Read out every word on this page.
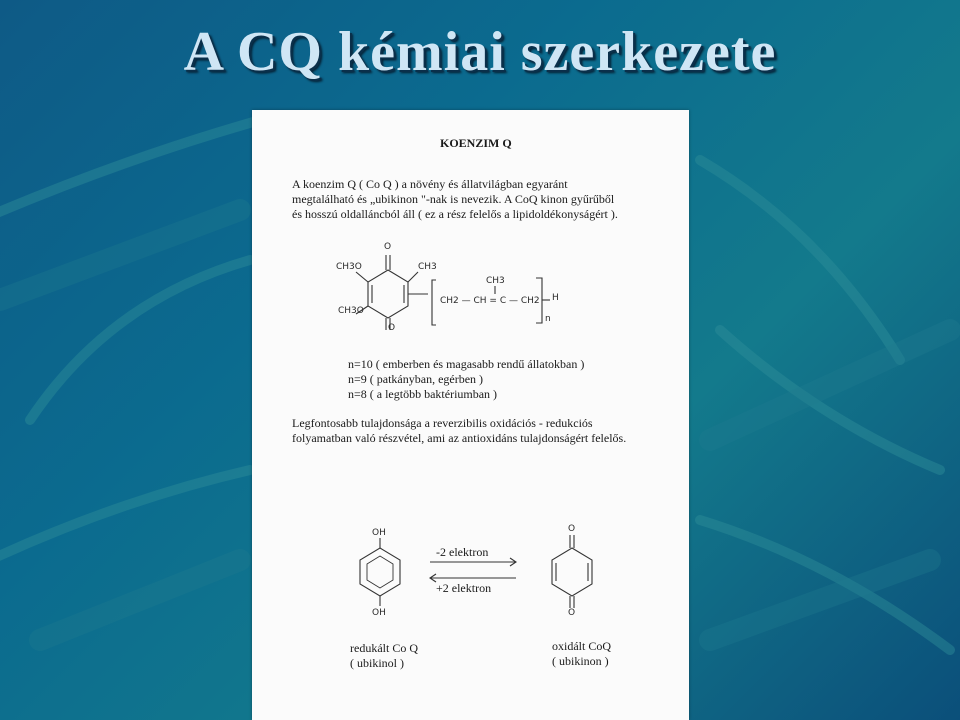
A CQ kémiai szerkezete
KOENZIM Q
A koenzim Q ( Co Q ) a növény és állatvilágban egyaránt
megtalálható és „ubikinon "-nak is nevezik. A CoQ kinon gyűrűből
és hosszú oldalláncból áll ( ez a rész felelős a lipidoldékonyságért ).
O
CH3O	CH3
CH3O
O
CH3
CH2 — CH = C — CH2 H
n
n=10 ( emberben és magasabb rendű állatokban )
n=9 ( patkányban, egérben )
n=8 ( a legtöbb baktériumban )
Legfontosabb tulajdonsága a reverzibilis oxidációs - redukciós
folyamatban való részvétel, ami az antioxidáns tulajdonságért felelős.
OH
OH
O
O
-2 elektron
+2 elektron
redukált Co Q
( ubikinol )
oxidált CoQ
( ubikinon )
